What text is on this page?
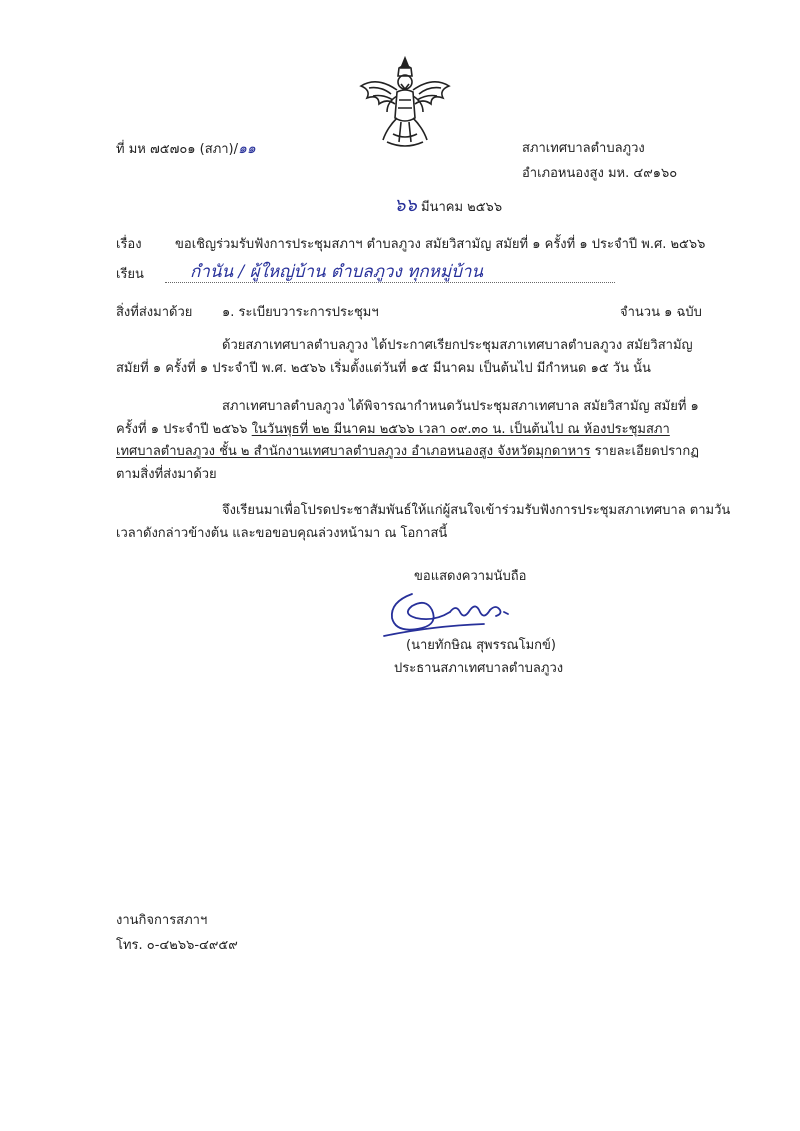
ที่ มห ๗๕๗๐๑ (สภา)/๑๑	สภาเทศบาลตำบลภูวง
อำเภอหนองสูง มห. ๔๙๑๖๐
๖๖ มีนาคม ๒๕๖๖
เรื่อง	ขอเชิญร่วมรับฟังการประชุมสภาฯ ตำบลภูวง สมัยวิสามัญ สมัยที่ ๑ ครั้งที่ ๑ ประจำปี พ.ศ. ๒๕๖๖
เรียน	กำนัน / ผู้ใหญ่บ้าน ตำบลภูวง ทุกหมู่บ้าน
สิ่งที่ส่งมาด้วย ๑. ระเบียบวาระการประชุมฯ	จำนวน ๑ ฉบับ
ด้วยสภาเทศบาลตำบลภูวง ได้ประกาศเรียกประชุมสภาเทศบาลตำบลภูวง สมัยวิสามัญ
สมัยที่ ๑ ครั้งที่ ๑ ประจำปี พ.ศ. ๒๕๖๖ เริ่มตั้งแต่วันที่ ๑๕ มีนาคม เป็นต้นไป มีกำหนด ๑๕ วัน นั้น
สภาเทศบาลตำบลภูวง ได้พิจารณากำหนดวันประชุมสภาเทศบาล สมัยวิสามัญ สมัยที่ ๑
ครั้งที่ ๑ ประจำปี ๒๕๖๖ ในวันพุธที่ ๒๒ มีนาคม ๒๕๖๖ เวลา ๐๙.๓๐ น. เป็นต้นไป ณ ห้องประชุมสภา
เทศบาลตำบลภูวง ชั้น ๒ สำนักงานเทศบาลตำบลภูวง อำเภอหนองสูง จังหวัดมุกดาหาร รายละเอียดปรากฏ
ตามสิ่งที่ส่งมาด้วย
จึงเรียนมาเพื่อโปรดประชาสัมพันธ์ให้แก่ผู้สนใจเข้าร่วมรับฟังการประชุมสภาเทศบาล ตามวัน
เวลาดังกล่าวข้างต้น และขอขอบคุณล่วงหน้ามา ณ โอกาสนี้
ขอแสดงความนับถือ
(นายทักษิณ สุพรรณโมกข์)
ประธานสภาเทศบาลตำบลภูวง
งานกิจการสภาฯ
โทร. ๐-๔๒๖๖-๔๙๕๙
